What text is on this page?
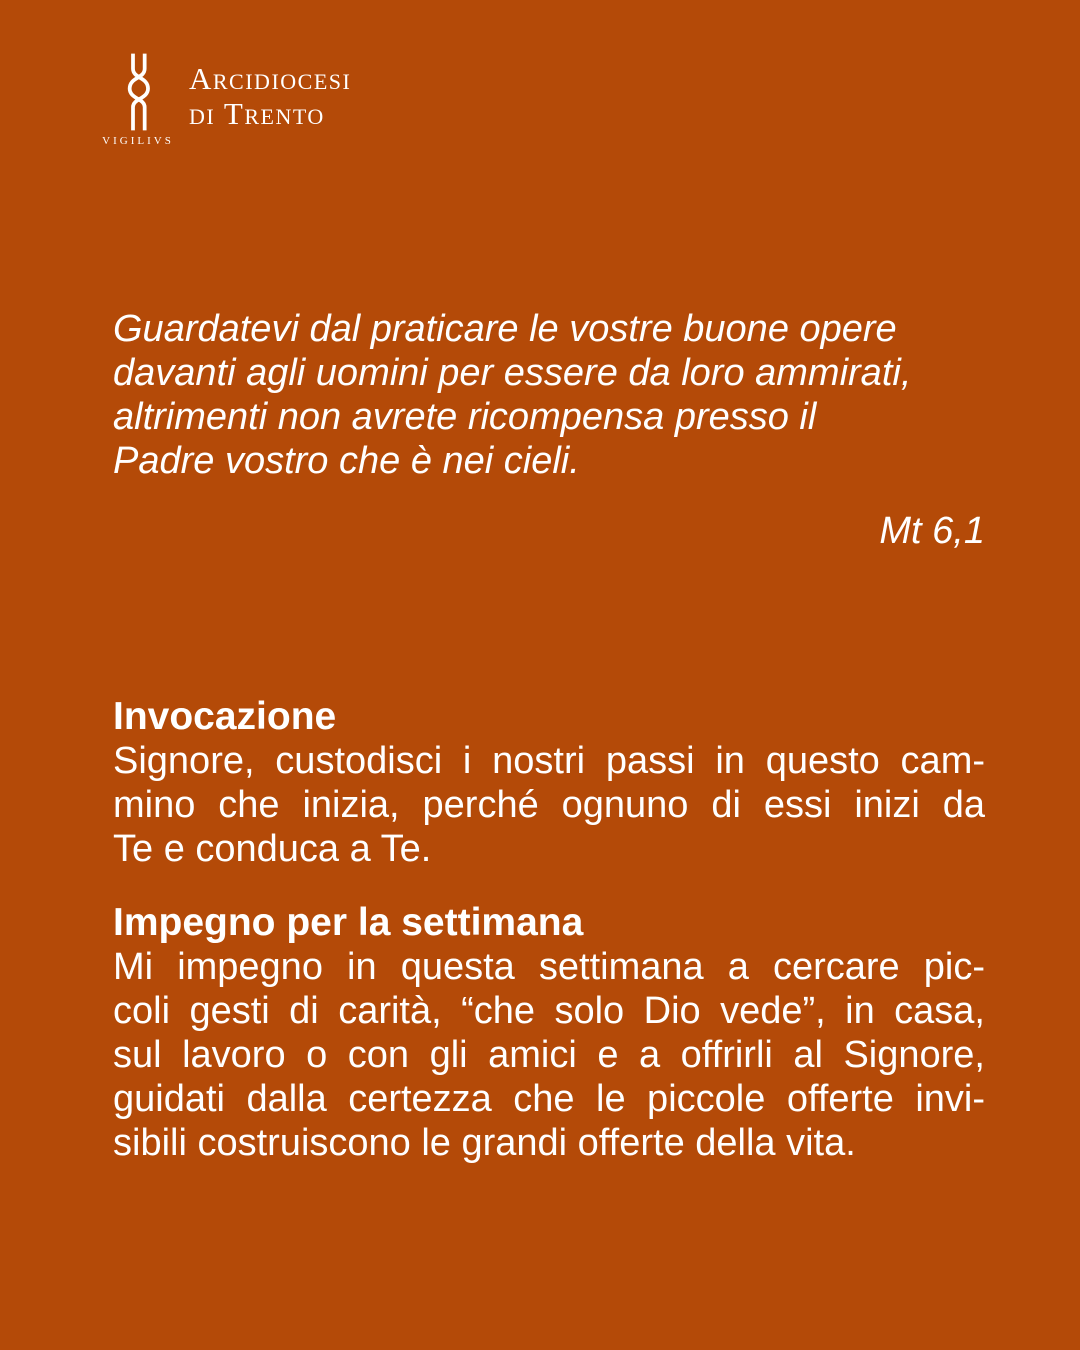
VIGILIVS
Arcidiocesi
di Trento
Guardatevi dal praticare le vostre buone opere
davanti agli uomini per essere da loro ammirati,
altrimenti non avrete ricompensa presso il
Padre vostro che è nei cieli.
Mt 6,1
Invocazione

Signore, custodisci i nostri passi in questo cam-

mino che inizia, perché ognuno di essi inizi da

Te e conduca a Te.

Impegno per la settimana

Mi impegno in questa settimana a cercare pic-

coli gesti di carità, “che solo Dio vede”, in casa,

sul lavoro o con gli amici e a offrirli al Signore,

guidati dalla certezza che le piccole offerte invi-

sibili costruiscono le grandi offerte della vita.
